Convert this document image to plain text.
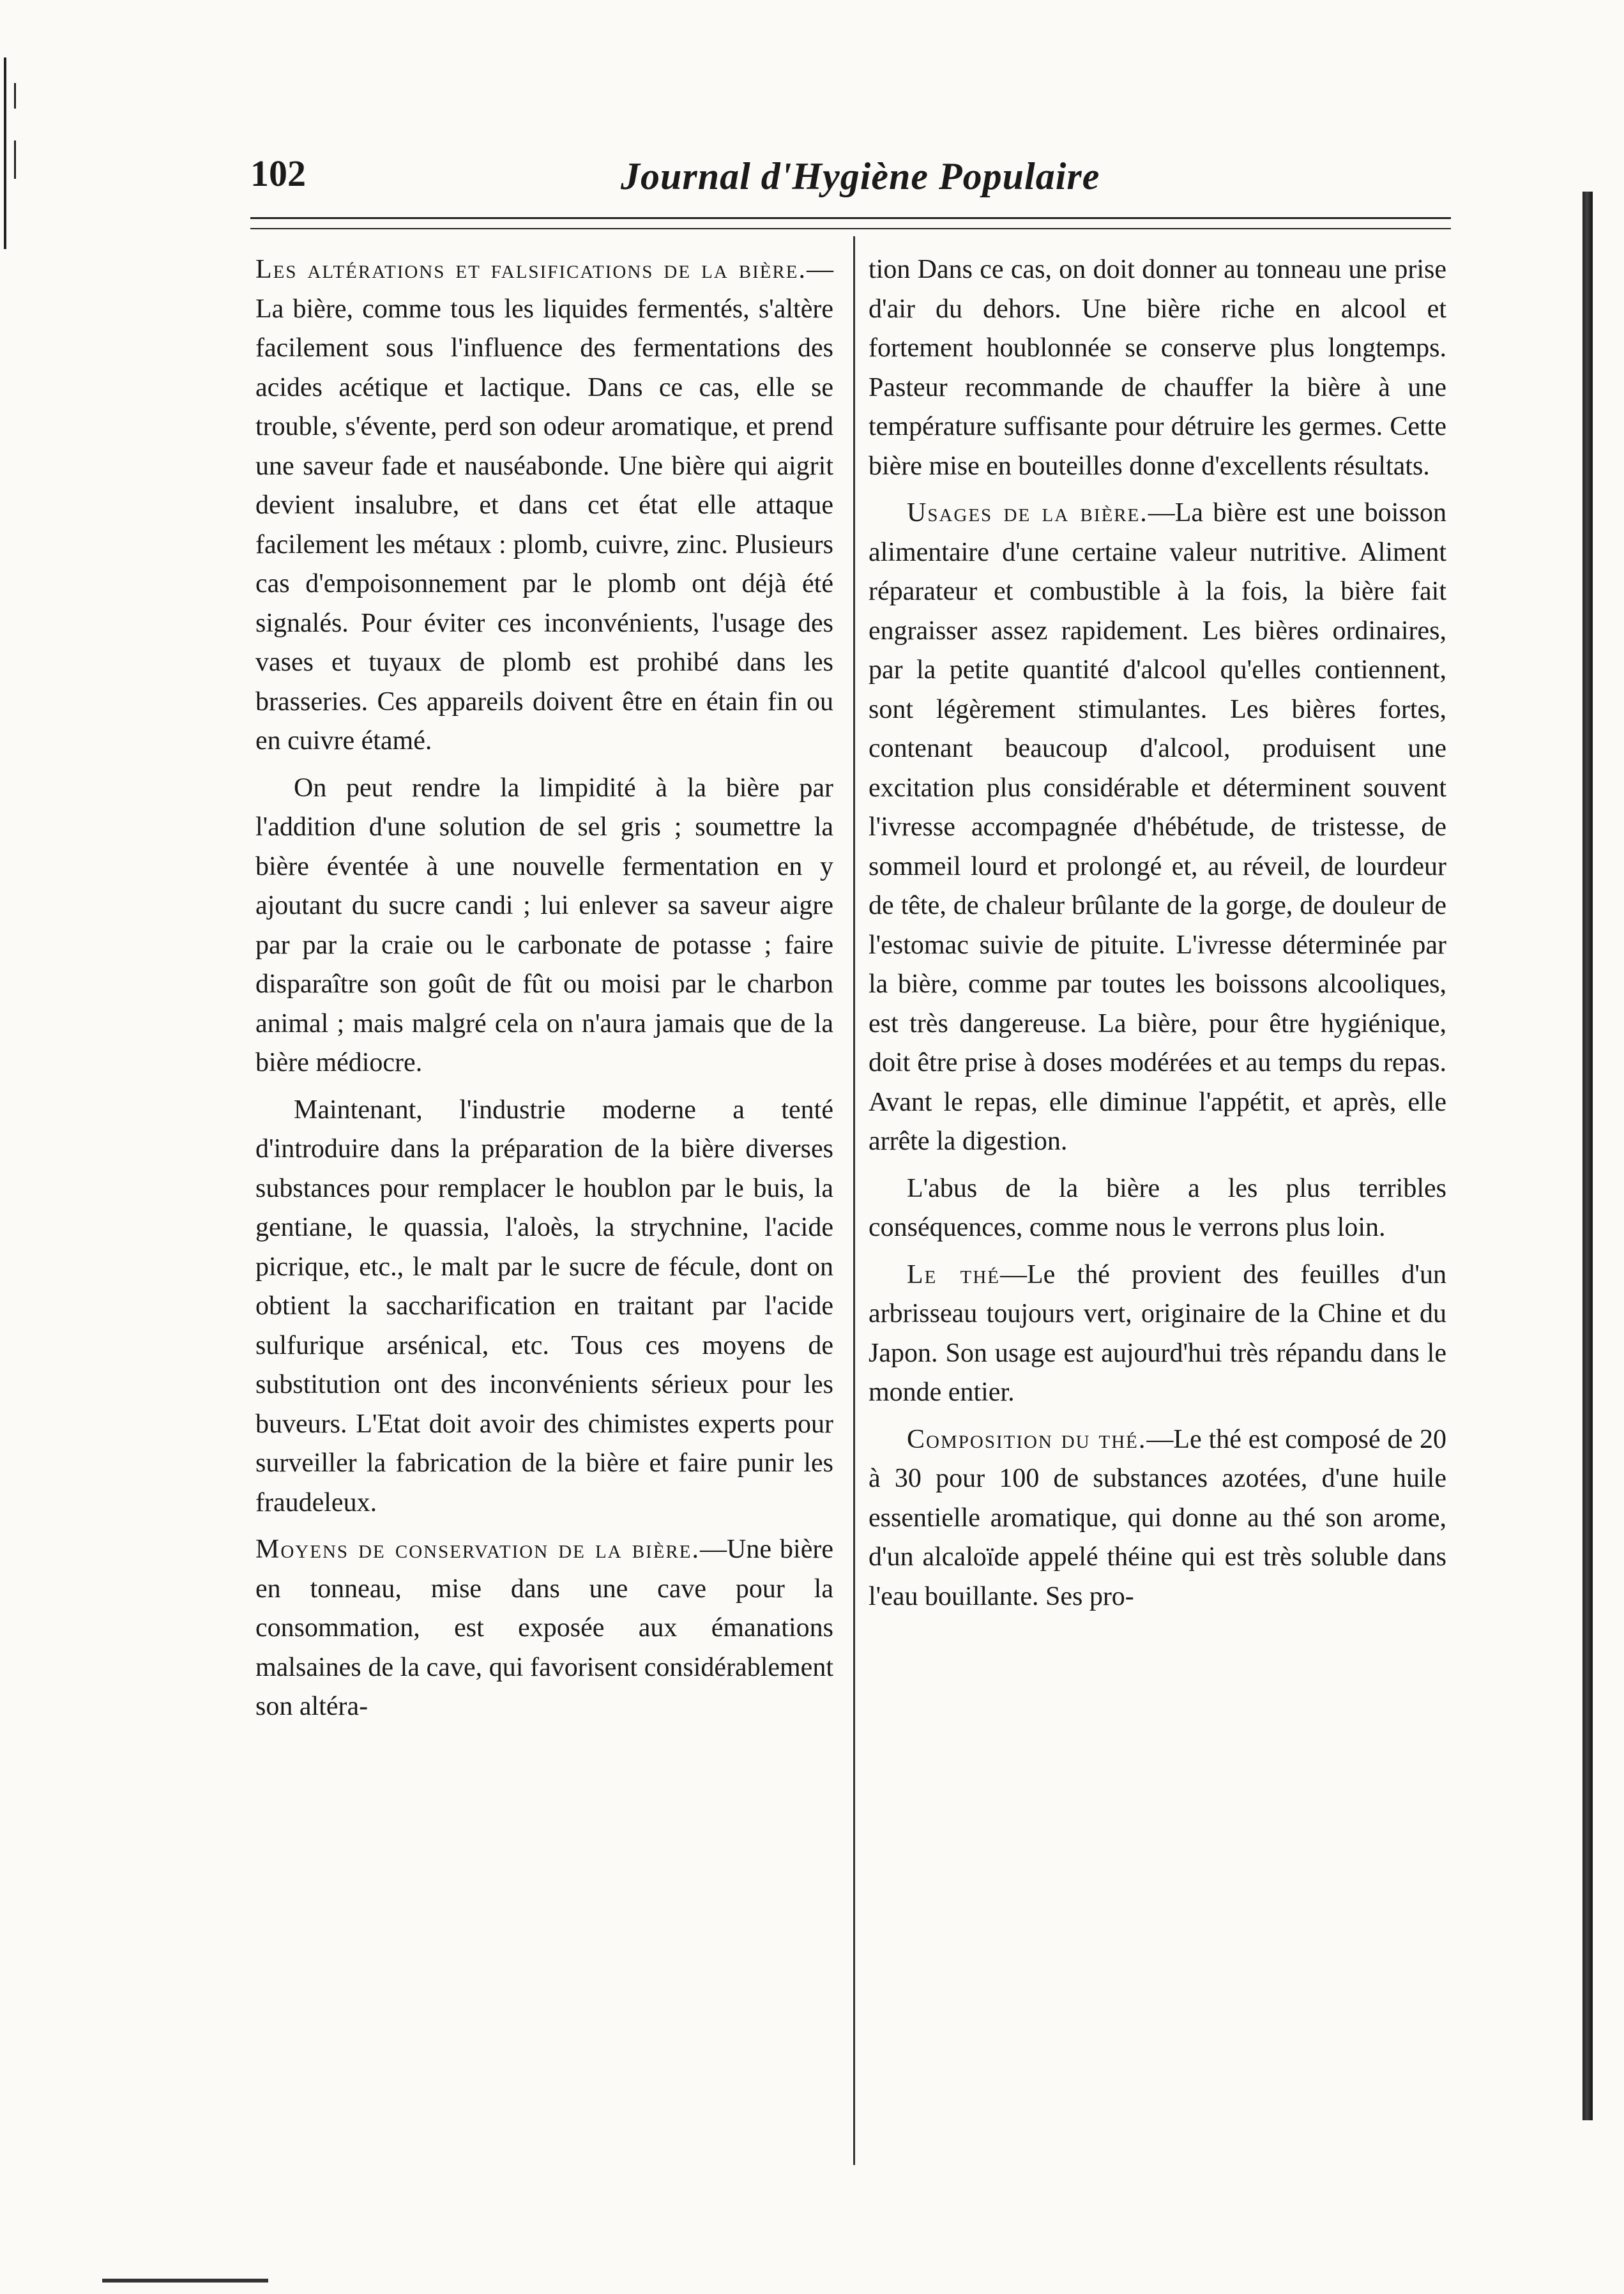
102	Journal d'Hygiène Populaire

Les altérations et falsifications de la bière.—La bière, comme tous les liquides fermentés, s'altère facilement sous l'influence des fermentations des acides acétique et lactique. Dans ce cas, elle se trouble, s'évente, perd son odeur aromatique, et prend une saveur fade et nauséabonde. Une bière qui aigrit devient insalubre, et dans cet état elle attaque facilement les métaux : plomb, cuivre, zinc. Plusieurs cas d'empoisonnement par le plomb ont déjà été signalés. Pour éviter ces inconvénients, l'usage des vases et tuyaux de plomb est prohibé dans les brasseries. Ces appareils doivent être en étain fin ou en cuivre étamé.

On peut rendre la limpidité à la bière par l'addition d'une solution de sel gris ; soumettre la bière éventée à une nouvelle fermentation en y ajoutant du sucre candi ; lui enlever sa saveur aigre par par la craie ou le carbonate de potasse ; faire disparaître son goût de fût ou moisi par le charbon animal ; mais malgré cela on n'aura jamais que de la bière médiocre.

Maintenant, l'industrie moderne a tenté d'introduire dans la préparation de la bière diverses substances pour remplacer le houblon par le buis, la gentiane, le quassia, l'aloès, la strychnine, l'acide picrique, etc., le malt par le sucre de fécule, dont on obtient la saccharification en traitant par l'acide sulfurique arsénical, etc. Tous ces moyens de substitution ont des inconvénients sérieux pour les buveurs. L'Etat doit avoir des chimistes experts pour surveiller la fabrication de la bière et faire punir les fraudeleux.

Moyens de conservation de la bière.—Une bière en tonneau, mise dans une cave pour la consommation, est exposée aux émanations malsaines de la cave, qui favorisent considérablement son altéra-

tion Dans ce cas, on doit donner au tonneau une prise d'air du dehors. Une bière riche en alcool et fortement houblonnée se conserve plus longtemps. Pasteur recommande de chauffer la bière à une température suffisante pour détruire les germes. Cette bière mise en bouteilles donne d'excellents résultats.

Usages de la bière.—La bière est une boisson alimentaire d'une certaine valeur nutritive. Aliment réparateur et combustible à la fois, la bière fait engraisser assez rapidement. Les bières ordinaires, par la petite quantité d'alcool qu'elles contiennent, sont légèrement stimulantes. Les bières fortes, contenant beaucoup d'alcool, produisent une excitation plus considérable et déterminent souvent l'ivresse accompagnée d'hébétude, de tristesse, de sommeil lourd et prolongé et, au réveil, de lourdeur de tête, de chaleur brûlante de la gorge, de douleur de l'estomac suivie de pituite. L'ivresse déterminée par la bière, comme par toutes les boissons alcooliques, est très dangereuse. La bière, pour être hygiénique, doit être prise à doses modérées et au temps du repas. Avant le repas, elle diminue l'appétit, et après, elle arrête la digestion.

L'abus de la bière a les plus terribles conséquences, comme nous le verrons plus loin.

Le thé—Le thé provient des feuilles d'un arbrisseau toujours vert, originaire de la Chine et du Japon. Son usage est aujourd'hui très répandu dans le monde entier.

Composition du thé.—Le thé est composé de 20 à 30 pour 100 de substances azotées, d'une huile essentielle aromatique, qui donne au thé son arome, d'un alcaloïde appelé théine qui est très soluble dans l'eau bouillante. Ses pro-
